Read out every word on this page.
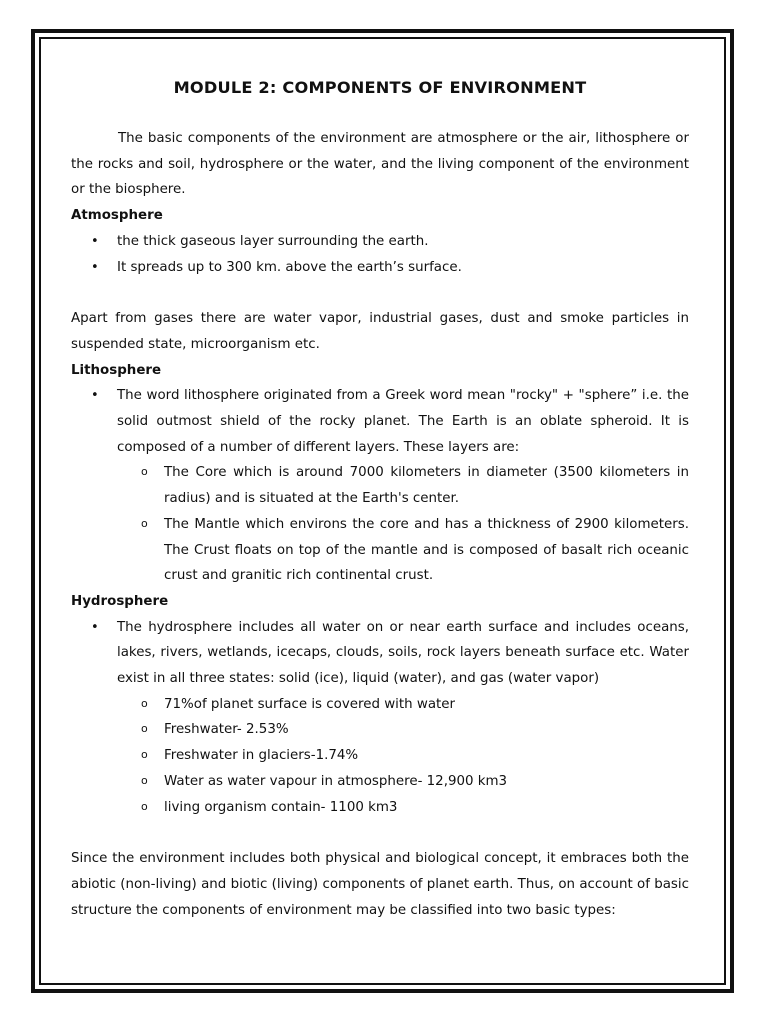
MODULE 2: COMPONENTS OF ENVIRONMENT

The basic components of the environment are atmosphere or the air, lithosphere or the rocks and soil, hydrosphere or the water, and the living component of the environment or the biosphere.

Atmosphere
• the thick gaseous layer surrounding the earth.
• It spreads up to 300 km. above the earth’s surface.

Apart from gases there are water vapor, industrial gases, dust and smoke particles in suspended state, microorganism etc.

Lithosphere
• The word lithosphere originated from a Greek word mean "rocky" + "sphere” i.e. the solid outmost shield of the rocky planet. The Earth is an oblate spheroid. It is composed of a number of different layers. These layers are:
o The Core which is around 7000 kilometers in diameter (3500 kilometers in radius) and is situated at the Earth's center.
o The Mantle which environs the core and has a thickness of 2900 kilometers. The Crust floats on top of the mantle and is composed of basalt rich oceanic crust and granitic rich continental crust.
Hydrosphere
• The hydrosphere includes all water on or near earth surface and includes oceans, lakes, rivers, wetlands, icecaps, clouds, soils, rock layers beneath surface etc. Water exist in all three states: solid (ice), liquid (water), and gas (water vapor)
o 71%of planet surface is covered with water
o Freshwater- 2.53%
o Freshwater in glaciers-1.74%
o Water as water vapour in atmosphere- 12,900 km3
o living organism contain- 1100 km3

Since the environment includes both physical and biological concept, it embraces both the abiotic (non-living) and biotic (living) components of planet earth. Thus, on account of basic structure the components of environment may be classified into two basic types:
